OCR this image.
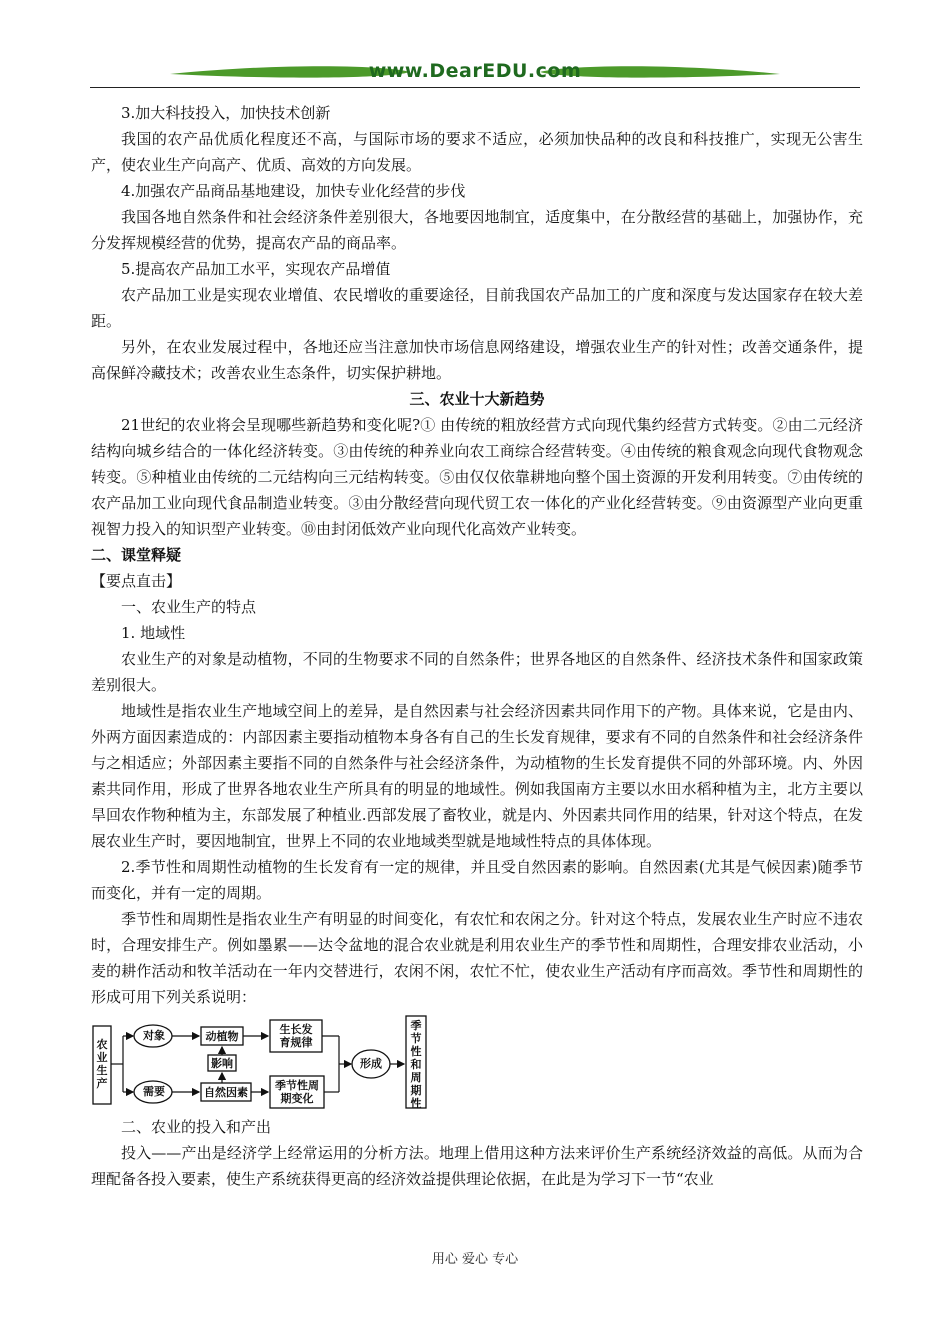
www.DearEDU.com

3.加大科技投入，加快技术创新

我国的农产品优质化程度还不高，与国际市场的要求不适应，必须加快品种的改良和科技推广，实现无公害生产，使农业生产向高产、优质、高效的方向发展。

4.加强农产品商品基地建设，加快专业化经营的步伐

我国各地自然条件和社会经济条件差别很大，各地要因地制宜，适度集中，在分散经营的基础上，加强协作，充分发挥规模经营的优势，提高农产品的商品率。

5.提高农产品加工水平，实现农产品增值

农产品加工业是实现农业增值、农民增收的重要途径，目前我国农产品加工的广度和深度与发达国家存在较大差距。

另外，在农业发展过程中，各地还应当注意加快市场信息网络建设，增强农业生产的针对性；改善交通条件，提高保鲜冷藏技术；改善农业生态条件，切实保护耕地。

三、农业十大新趋势

21世纪的农业将会呈现哪些新趋势和变化呢?① 由传统的粗放经营方式向现代集约经营方式转变。②由二元经济结构向城乡结合的一体化经济转变。③由传统的种养业向农工商综合经营转变。④由传统的粮食观念向现代食物观念转变。⑤种植业由传统的二元结构向三元结构转变。⑤由仅仅依靠耕地向整个国土资源的开发利用转变。⑦由传统的农产品加工业向现代食品制造业转变。③由分散经营向现代贸工农一体化的产业化经营转变。⑨由资源型产业向更重视智力投入的知识型产业转变。⑩由封闭低效产业向现代化高效产业转变。

二、课堂释疑

【要点直击】

一、农业生产的特点

1. 地域性

农业生产的对象是动植物，不同的生物要求不同的自然条件；世界各地区的自然条件、经济技术条件和国家政策差别很大。

地域性是指农业生产地域空间上的差异，是自然因素与社会经济因素共同作用下的产物。具体来说，它是由内、外两方面因素造成的：内部因素主要指动植物本身各有自己的生长发育规律，要求有不同的自然条件和社会经济条件与之相适应；外部因素主要指不同的自然条件与社会经济条件，为动植物的生长发育提供不同的外部环境。内、外因素共同作用，形成了世界各地农业生产所具有的明显的地域性。例如我国南方主要以水田水稻种植为主，北方主要以旱回农作物种植为主，东部发展了种植业.西部发展了畜牧业，就是内、外因素共同作用的结果，针对这个特点，在发展农业生产时，要因地制宜，世界上不同的农业地域类型就是地域性特点的具体体现。

2.季节性和周期性动植物的生长发育有一定的规律，并且受自然因素的影响。自然因素(尤其是气候因素)随季节而变化，并有一定的周期。

季节性和周期性是指农业生产有明显的时间变化，有农忙和农闲之分。针对这个特点，发展农业生产时应不违农时，合理安排生产。例如墨累——达令盆地的混合农业就是利用农业生产的季节性和周期性，合理安排农业活动，小麦的耕作活动和牧羊活动在一年内交替进行，农闲不闲，农忙不忙，使农业生产活动有序而高效。季节性和周期性的形成可用下列关系说明：

农业生产
对象
需要
动植物
影响
自然因素
生长发育规律
季节性周期变化
形成
季节性和周期性

二、农业的投入和产出

投入——产出是经济学上经常运用的分析方法。地理上借用这种方法来评价生产系统经济效益的高低。从而为合理配备各投入要素，使生产系统获得更高的经济效益提供理论依据，在此是为学习下一节“农业

用心 爱心 专心
